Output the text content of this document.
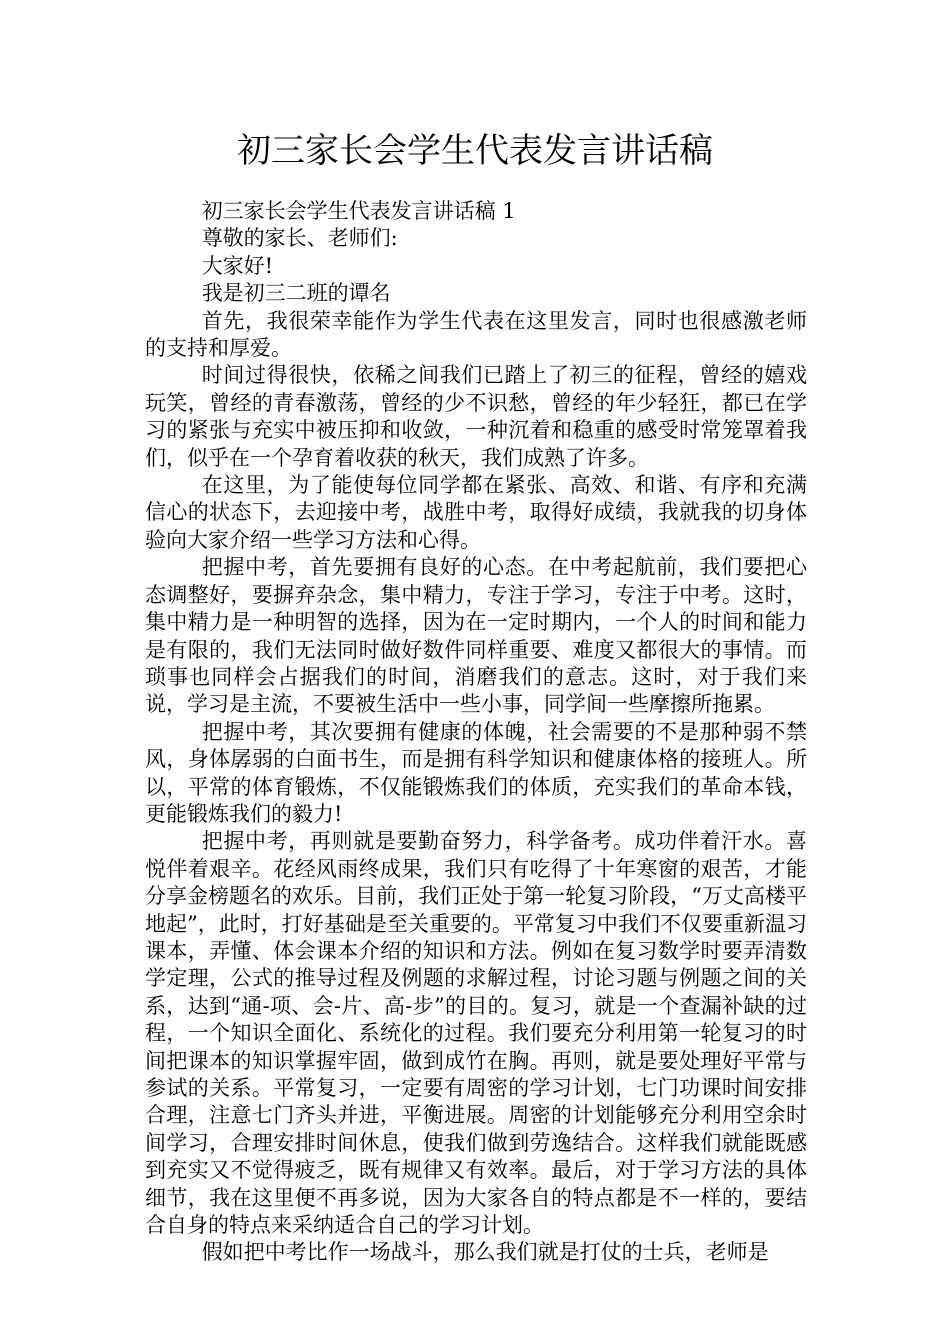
初三家长会学生代表发言讲话稿

初三家长会学生代表发言讲话稿 1

尊敬的家长、老师们:

大家好!

我是初三二班的谭名

首先，我很荣幸能作为学生代表在这里发言，同时也很感激老师的支持和厚爱。

时间过得很快，依稀之间我们已踏上了初三的征程，曾经的嬉戏玩笑，曾经的青春激荡，曾经的少不识愁，曾经的年少轻狂，都已在学习的紧张与充实中被压抑和收敛，一种沉着和稳重的感受时常笼罩着我们，似乎在一个孕育着收获的秋天，我们成熟了许多。

在这里，为了能使每位同学都在紧张、高效、和谐、有序和充满信心的状态下，去迎接中考，战胜中考，取得好成绩，我就我的切身体验向大家介绍一些学习方法和心得。

把握中考，首先要拥有良好的心态。在中考起航前，我们要把心态调整好，要摒弃杂念，集中精力，专注于学习，专注于中考。这时，集中精力是一种明智的选择，因为在一定时期内，一个人的时间和能力是有限的，我们无法同时做好数件同样重要、难度又都很大的事情。而琐事也同样会占据我们的时间，消磨我们的意志。这时，对于我们来说，学习是主流，不要被生活中一些小事，同学间一些摩擦所拖累。

把握中考，其次要拥有健康的体魄，社会需要的不是那种弱不禁风，身体孱弱的白面书生，而是拥有科学知识和健康体格的接班人。所以，平常的体育锻炼，不仅能锻炼我们的体质，充实我们的革命本钱，更能锻炼我们的毅力!

把握中考，再则就是要勤奋努力，科学备考。成功伴着汗水。喜悦伴着艰辛。花经风雨终成果，我们只有吃得了十年寒窗的艰苦，才能分享金榜题名的欢乐。目前，我们正处于第一轮复习阶段，“万丈高楼平地起”，此时，打好基础是至关重要的。平常复习中我们不仅要重新温习课本，弄懂、体会课本介绍的知识和方法。例如在复习数学时要弄清数学定理，公式的推导过程及例题的求解过程，讨论习题与例题之间的关系，达到“通-项、会-片、高-步”的目的。复习，就是一个查漏补缺的过程，一个知识全面化、系统化的过程。我们要充分利用第一轮复习的时间把课本的知识掌握牢固，做到成竹在胸。再则，就是要处理好平常与参试的关系。平常复习，一定要有周密的学习计划，七门功课时间安排合理，注意七门齐头并进，平衡进展。周密的计划能够充分利用空余时间学习，合理安排时间休息，使我们做到劳逸结合。这样我们就能既感到充实又不觉得疲乏，既有规律又有效率。最后，对于学习方法的具体细节，我在这里便不再多说，因为大家各自的特点都是不一样的，要结合自身的特点来采纳适合自己的学习计划。

假如把中考比作一场战斗，那么我们就是打仗的士兵，老师是
